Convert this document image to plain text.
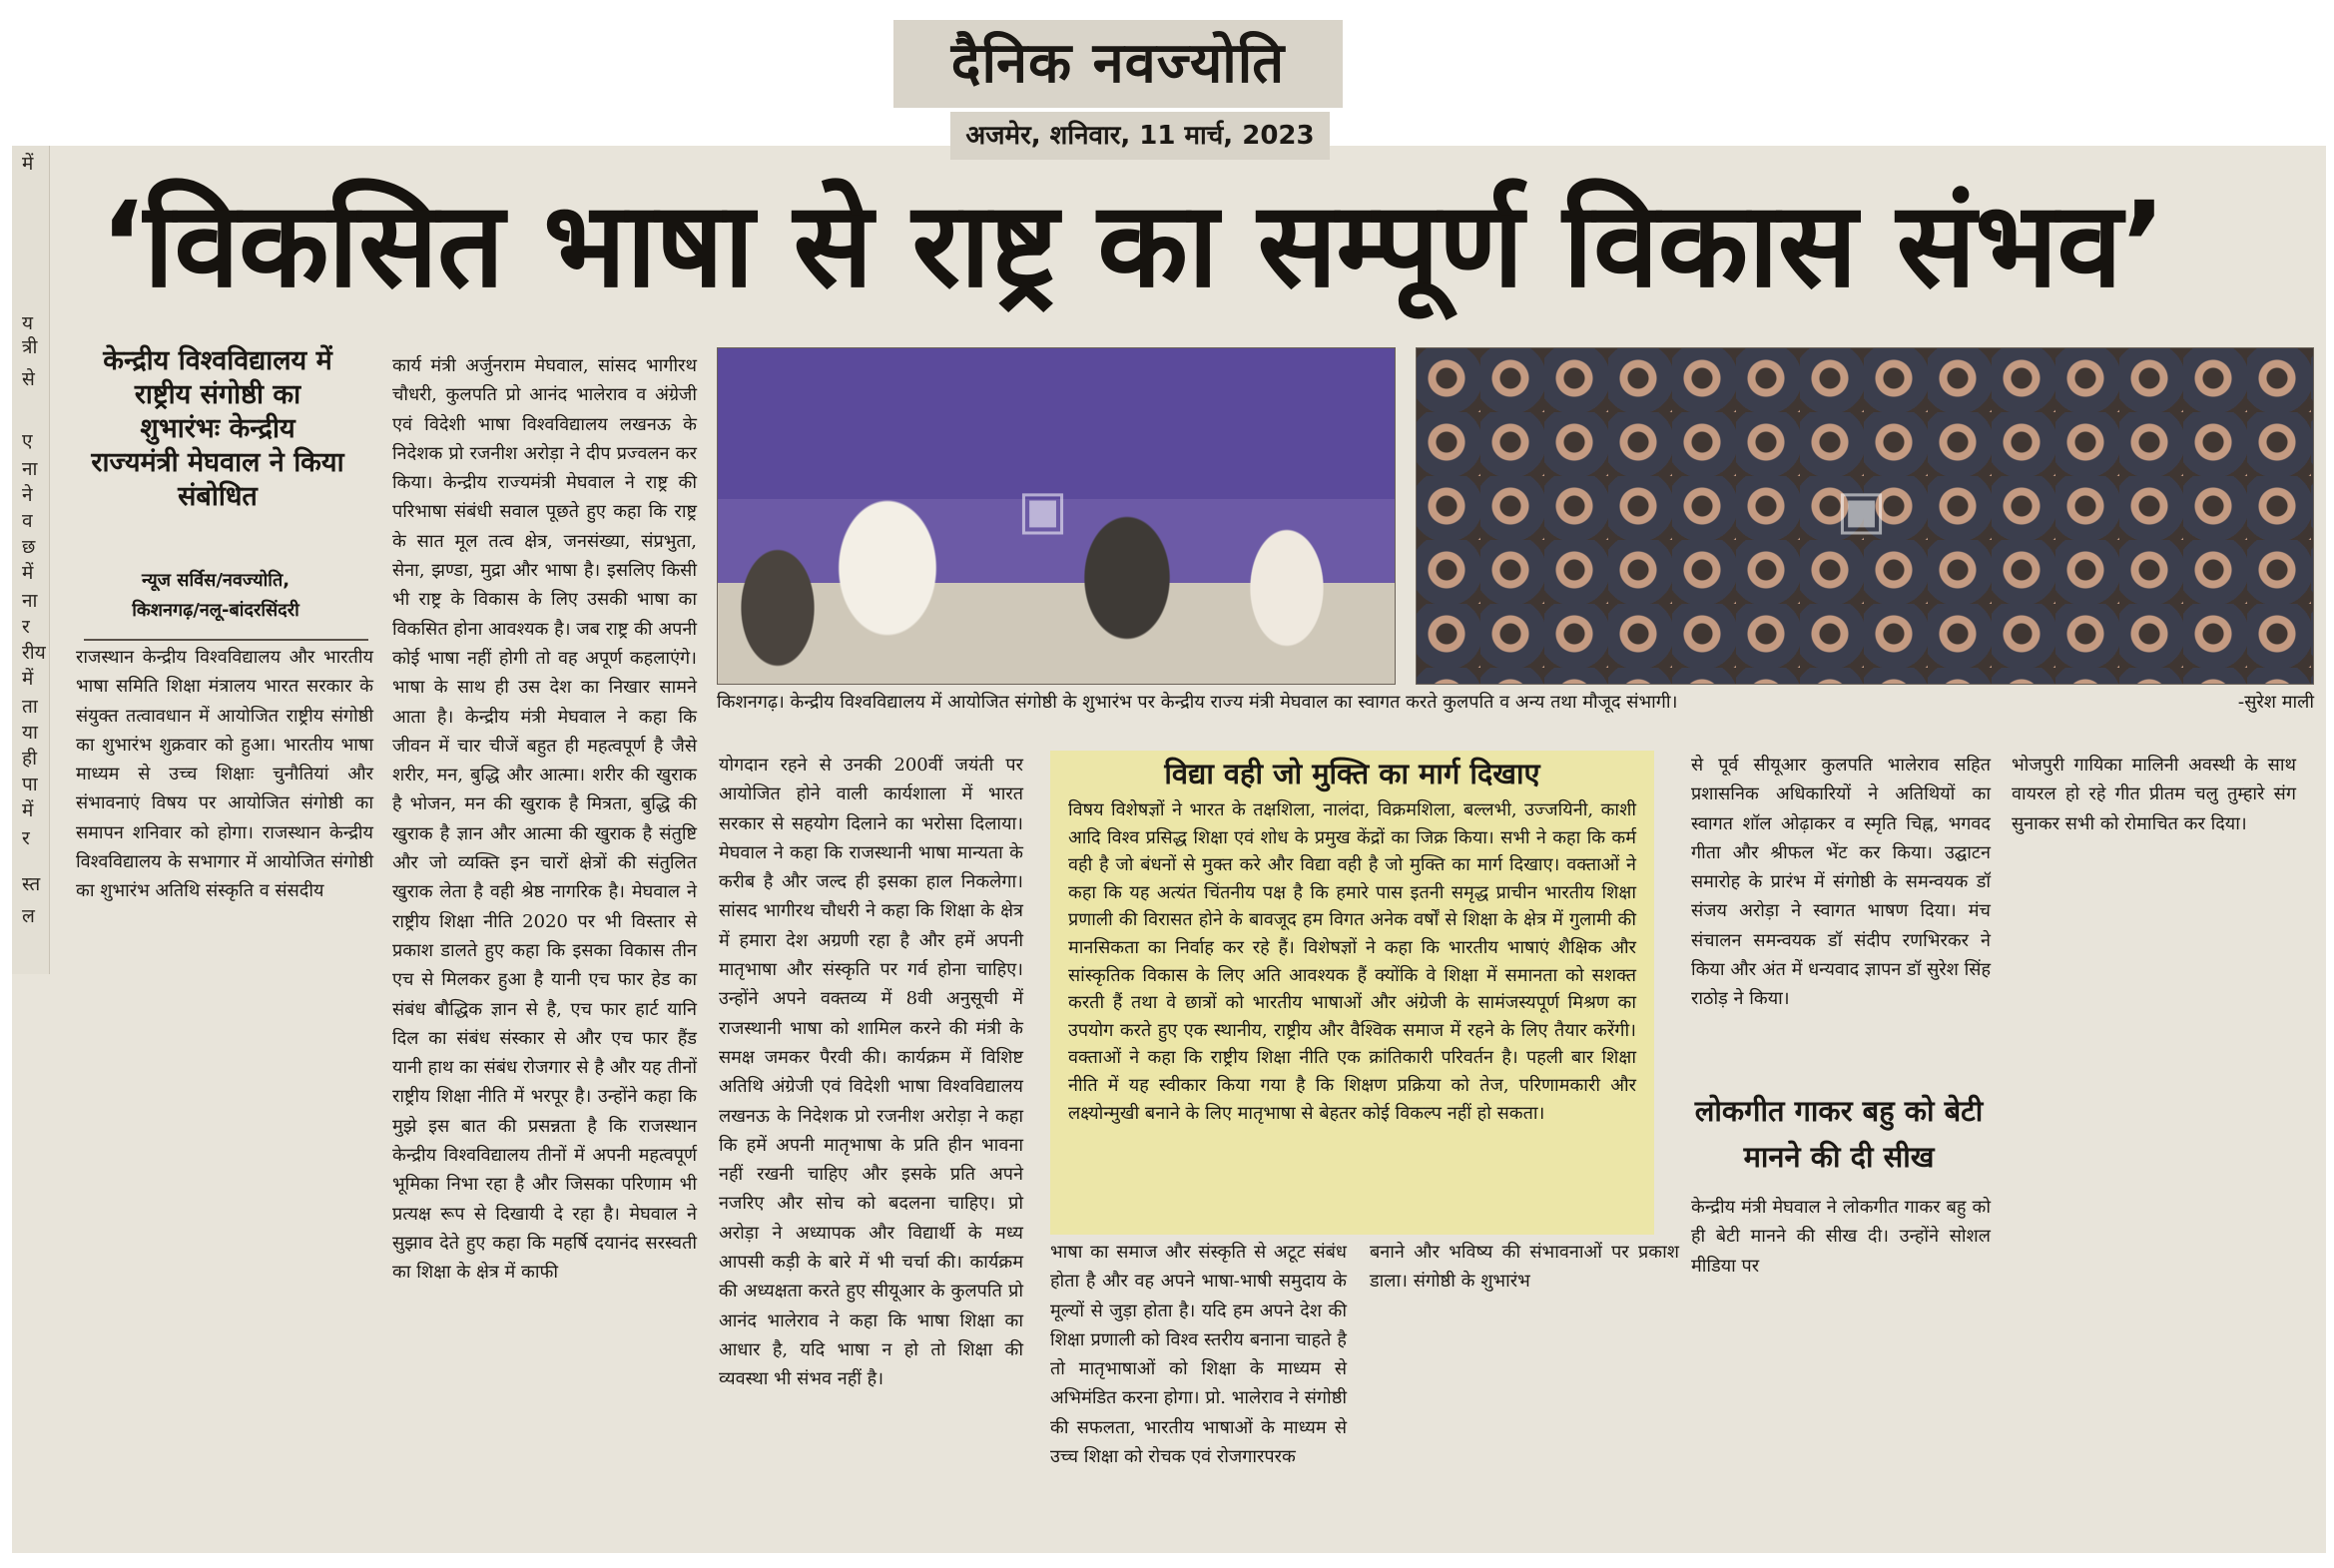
दैनिक नवज्योति
अजमेर, शनिवार, 11 मार्च, 2023
में
य
त्री
से
ए
ना
ने
व
छ
में
ना
र
रीय
में
ता
या
ही
पा
में
र
स्त
ल
‘विकसित भाषा से राष्ट्र का सम्पूर्ण विकास संभव’
केन्द्रीय विश्वविद्यालय में
राष्ट्रीय संगोष्ठी का
शुभारंभः केन्द्रीय
राज्यमंत्री मेघवाल ने किया
संबोधित
न्यूज सर्विस/नवज्योति,
किशनगढ़/नलू-बांदरसिंदरी
राजस्थान केन्द्रीय विश्वविद्यालय और भारतीय भाषा समिति शिक्षा मंत्रालय भारत सरकार के संयुक्त तत्वावधान में आयोजित राष्ट्रीय संगोष्ठी का शुभारंभ शुक्रवार को हुआ। भारतीय भाषा माध्यम से उच्च शिक्षाः चुनौतियां और संभावनाएं विषय पर आयोजित संगोष्ठी का समापन शनिवार को होगा। राजस्थान केन्द्रीय विश्वविद्यालय के सभागार में आयोजित संगोष्ठी का शुभारंभ अतिथि संस्कृति व संसदीय
कार्य मंत्री अर्जुनराम मेघवाल, सांसद भागीरथ चौधरी, कुलपति प्रो आनंद भालेराव व अंग्रेजी एवं विदेशी भाषा विश्वविद्यालय लखनऊ के निदेशक प्रो रजनीश अरोड़ा ने दीप प्रज्वलन कर किया। केन्द्रीय राज्यमंत्री मेघवाल ने राष्ट्र की परिभाषा संबंधी सवाल पूछते हुए कहा कि राष्ट्र के सात मूल तत्व क्षेत्र, जनसंख्या, संप्रभुता, सेना, झण्डा, मुद्रा और भाषा है। इसलिए किसी भी राष्ट्र के विकास के लिए उसकी भाषा का विकसित होना आवश्यक है। जब राष्ट्र की अपनी कोई भाषा नहीं होगी तो वह अपूर्ण कहलाएंगे। भाषा के साथ ही उस देश का निखार सामने आता है। केन्द्रीय मंत्री मेघवाल ने कहा कि जीवन में चार चीजें बहुत ही महत्वपूर्ण है जैसे शरीर, मन, बुद्धि और आत्मा। शरीर की खुराक है भोजन, मन की खुराक है मित्रता, बुद्धि की खुराक है ज्ञान और आत्मा की खुराक है संतुष्टि और जो व्यक्ति इन चारों क्षेत्रों की संतुलित खुराक लेता है वही श्रेष्ठ नागरिक है। मेघवाल ने राष्ट्रीय शिक्षा नीति 2020 पर भी विस्तार से प्रकाश डालते हुए कहा कि इसका विकास तीन एच से मिलकर हुआ है यानी एच फार हेड का संबंध बौद्धिक ज्ञान से है, एच फार हार्ट यानि दिल का संबंध संस्कार से और एच फार हैंड यानी हाथ का संबंध रोजगार से है और यह तीनों राष्ट्रीय शिक्षा नीति में भरपूर है। उन्होंने कहा कि मुझे इस बात की प्रसन्नता है कि राजस्थान केन्द्रीय विश्वविद्यालय तीनों में अपनी महत्वपूर्ण भूमिका निभा रहा है और जिसका परिणाम भी प्रत्यक्ष रूप से दिखायी दे रहा है। मेघवाल ने सुझाव देते हुए कहा कि महर्षि दयानंद सरस्वती का शिक्षा के क्षेत्र में काफी
योगदान रहने से उनकी 200वीं जयंती पर आयोजित होने वाली कार्यशाला में भारत सरकार से सहयोग दिलाने का भरोसा दिलाया। मेघवाल ने कहा कि राजस्थानी भाषा मान्यता के करीब है और जल्द ही इसका हाल निकलेगा। सांसद भागीरथ चौधरी ने कहा कि शिक्षा के क्षेत्र में हमारा देश अग्रणी रहा है और हमें अपनी मातृभाषा और संस्कृति पर गर्व होना चाहिए। उन्होंने अपने वक्तव्य में 8वी अनुसूची में राजस्थानी भाषा को शामिल करने की मंत्री के समक्ष जमकर पैरवी की। कार्यक्रम में विशिष्ट अतिथि अंग्रेजी एवं विदेशी भाषा विश्वविद्यालय लखनऊ के निदेशक प्रो रजनीश अरोड़ा ने कहा कि हमें अपनी मातृभाषा के प्रति हीन भावना नहीं रखनी चाहिए और इसके प्रति अपने नजरिए और सोच को बदलना चाहिए। प्रो अरोड़ा ने अध्यापक और विद्यार्थी के मध्य आपसी कड़ी के बारे में भी चर्चा की। कार्यक्रम की अध्यक्षता करते हुए सीयूआर के कुलपति प्रो आनंद भालेराव ने कहा कि भाषा शिक्षा का आधार है, यदि भाषा न हो तो शिक्षा की व्यवस्था भी संभव नहीं है।
▣	▣
किशनगढ़। केन्द्रीय विश्वविद्यालय में आयोजित संगोष्ठी के शुभारंभ पर केन्द्रीय राज्य मंत्री मेघवाल का स्वागत करते कुलपति व अन्य तथा मौजूद संभागी।	-सुरेश माली
विद्या वही जो मुक्ति का मार्ग दिखाए
विषय विशेषज्ञों ने भारत के तक्षशिला, नालंदा, विक्रमशिला, बल्लभी, उज्जयिनी, काशी आदि विश्व प्रसिद्ध शिक्षा एवं शोध के प्रमुख केंद्रों का जिक्र किया। सभी ने कहा कि कर्म वही है जो बंधनों से मुक्त करे और विद्या वही है जो मुक्ति का मार्ग दिखाए। वक्ताओं ने कहा कि यह अत्यंत चिंतनीय पक्ष है कि हमारे पास इतनी समृद्ध प्राचीन भारतीय शिक्षा प्रणाली की विरासत होने के बावजूद हम विगत अनेक वर्षों से शिक्षा के क्षेत्र में गुलामी की मानसिकता का निर्वाह कर रहे हैं। विशेषज्ञों ने कहा कि भारतीय भाषाएं शैक्षिक और सांस्कृतिक विकास के लिए अति आवश्यक हैं क्योंकि वे शिक्षा में समानता को सशक्त करती हैं तथा वे छात्रों को भारतीय भाषाओं और अंग्रेजी के सामंजस्यपूर्ण मिश्रण का उपयोग करते हुए एक स्थानीय, राष्ट्रीय और वैश्विक समाज में रहने के लिए तैयार करेंगी। वक्ताओं ने कहा कि राष्ट्रीय शिक्षा नीति एक क्रांतिकारी परिवर्तन है। पहली बार शिक्षा नीति में यह स्वीकार किया गया है कि शिक्षण प्रक्रिया को तेज, परिणामकारी और लक्ष्योन्मुखी बनाने के लिए मातृभाषा से बेहतर कोई विकल्प नहीं हो सकता।
भाषा का समाज और संस्कृति से अटूट संबंध होता है और वह अपने भाषा-भाषी समुदाय के मूल्यों से जुड़ा होता है। यदि हम अपने देश की शिक्षा प्रणाली को विश्व स्तरीय बनाना चाहते है तो मातृभाषाओं को शिक्षा के माध्यम से अभिमंडित करना होगा। प्रो. भालेराव ने संगोष्ठी की सफलता, भारतीय भाषाओं के माध्यम से उच्च शिक्षा को रोचक एवं रोजगारपरक
बनाने और भविष्य की संभावनाओं पर प्रकाश डाला। संगोष्ठी के शुभारंभ
से पूर्व सीयूआर कुलपति भालेराव सहित प्रशासनिक अधिकारियों ने अतिथियों का स्वागत शॉल ओढ़ाकर व स्मृति चिह्न, भगवद गीता और श्रीफल भेंट कर किया। उद्घाटन समारोह के प्रारंभ में संगोष्ठी के समन्वयक डॉ संजय अरोड़ा ने स्वागत भाषण दिया। मंच संचालन समन्वयक डॉ संदीप रणभिरकर ने किया और अंत में धन्यवाद ज्ञापन डॉ सुरेश सिंह राठोड़ ने किया।
लोकगीत गाकर बहु को बेटी मानने की दी सीख
केन्द्रीय मंत्री मेघवाल ने लोकगीत गाकर बहु को ही बेटी मानने की सीख दी। उन्होंने सोशल मीडिया पर
भोजपुरी गायिका मालिनी अवस्थी के साथ वायरल हो रहे गीत प्रीतम चलु तुम्हारे संग सुनाकर सभी को रोमाचित कर दिया।
